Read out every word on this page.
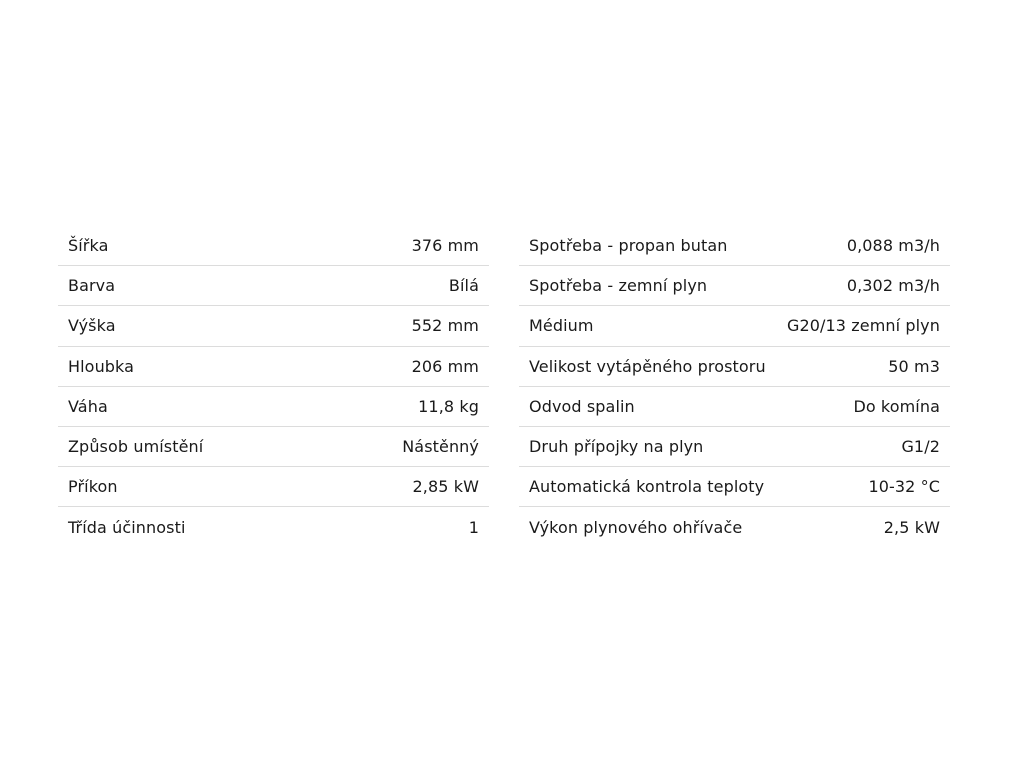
Šířka	376 mm
Barva	Bílá
Výška	552 mm
Hloubka	206 mm
Váha	11,8 kg
Způsob umístění	Nástěnný
Příkon	2,85 kW
Třída účinnosti	1
Spotřeba - propan butan	0,088 m3/h
Spotřeba - zemní plyn	0,302 m3/h
Médium	G20/13 zemní plyn
Velikost vytápěného prostoru	50 m3
Odvod spalin	Do komína
Druh přípojky na plyn	G1/2
Automatická kontrola teploty	10-32 °C
Výkon plynového ohřívače	2,5 kW
